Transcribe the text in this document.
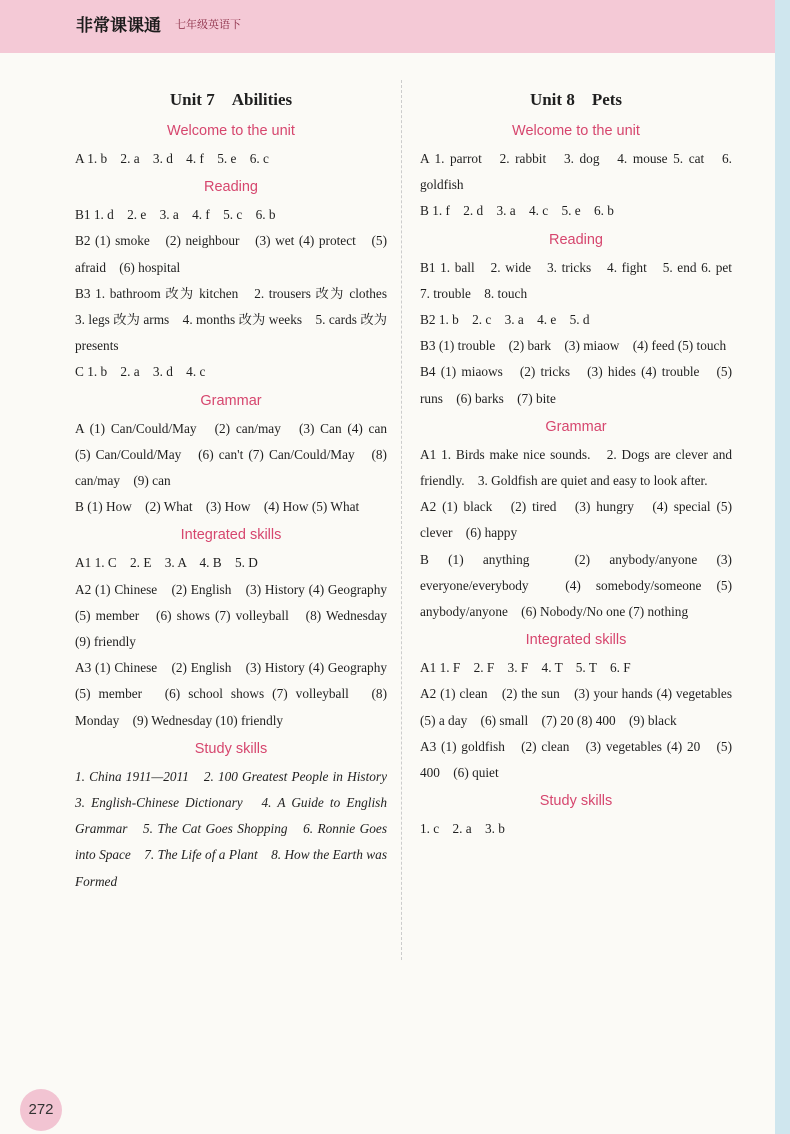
非常课课通 七年级英语下
Unit 7　Abilities
Welcome to the unit

A 1. b　2. a　3. d　4. f　5. e　6. c

Reading

B1 1. d　2. e　3. a　4. f　5. c　6. b

B2 (1) smoke　(2) neighbour　(3) wet (4) protect　(5) afraid　(6) hospital

B3 1. bathroom 改为 kitchen　2. trousers 改为 clothes　3. legs 改为 arms　4. months 改为 weeks　5. cards 改为 presents

C 1. b　2. a　3. d　4. c

Grammar

A (1) Can/Could/May　(2) can/may　(3) Can (4) can　(5) Can/Could/May　(6) can't (7) Can/Could/May　(8) can/may　(9) can

B (1) How　(2) What　(3) How　(4) How (5) What

Integrated skills

A1 1. C　2. E　3. A　4. B　5. D

A2 (1) Chinese　(2) English　(3) History (4) Geography　(5) member　(6) shows (7) volleyball　(8) Wednesday　(9) friendly

A3 (1) Chinese　(2) English　(3) History (4) Geography　(5) member　(6) school shows (7) volleyball　(8) Monday　(9) Wednesday (10) friendly

Study skills

1. China 1911—2011　2. 100 Greatest People in History　3. English-Chinese Dictionary　4. A Guide to English Grammar　5. The Cat Goes Shopping　6. Ronnie Goes into Space　7. The Life of a Plant　8. How the Earth was Formed

Unit 8　Pets
Welcome to the unit

A 1. parrot　2. rabbit　3. dog　4. mouse 5. cat　6. goldfish

B 1. f　2. d　3. a　4. c　5. e　6. b

Reading

B1 1. ball　2. wide　3. tricks　4. fight　5. end 6. pet　7. trouble　8. touch

B2 1. b　2. c　3. a　4. e　5. d

B3 (1) trouble　(2) bark　(3) miaow　(4) feed (5) touch

B4 (1) miaows　(2) tricks　(3) hides (4) trouble　(5) runs　(6) barks　(7) bite

Grammar

A1 1. Birds make nice sounds.　2. Dogs are clever and friendly.　3. Goldfish are quiet and easy to look after.

A2 (1) black　(2) tired　(3) hungry　(4) special (5) clever　(6) happy

B (1) anything　(2) anybody/anyone (3) everyone/everybody　(4) somebody/someone (5) anybody/anyone　(6) Nobody/No one (7) nothing

Integrated skills

A1 1. F　2. F　3. F　4. T　5. T　6. F

A2 (1) clean　(2) the sun　(3) your hands (4) vegetables　(5) a day　(6) small　(7) 20 (8) 400　(9) black

A3 (1) goldfish　(2) clean　(3) vegetables (4) 20　(5) 400　(6) quiet

Study skills

1. c　2. a　3. b

272
